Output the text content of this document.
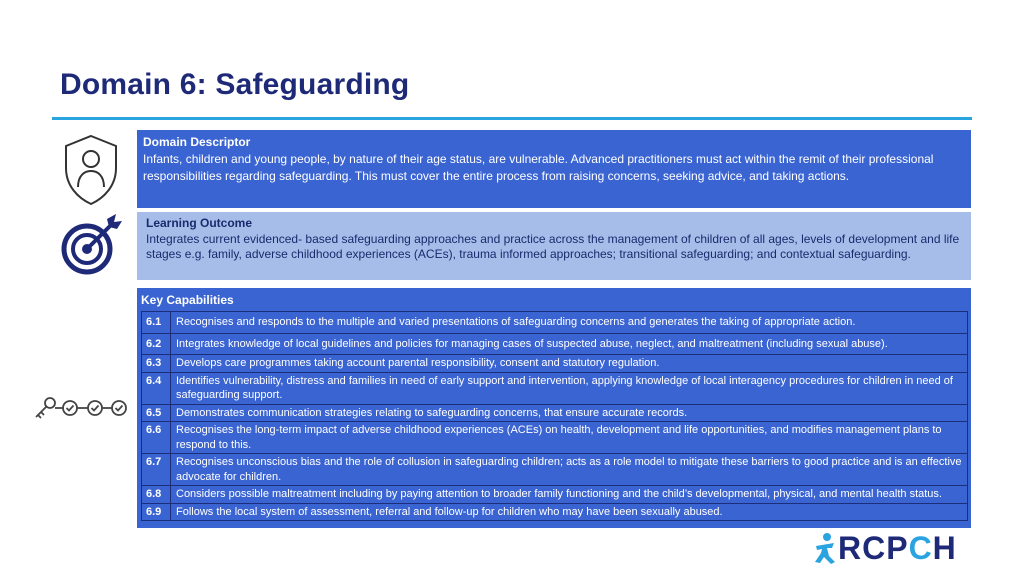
Domain 6: Safeguarding
Domain Descriptor
Infants, children and young people, by nature of their age status, are vulnerable. Advanced practitioners must act within the remit of their professional responsibilities regarding safeguarding. This must cover the entire process from raising concerns, seeking advice, and taking actions.
Learning Outcome
Integrates current evidenced- based safeguarding approaches and practice across the management of children of all ages, levels of development and life stages e.g. family, adverse childhood experiences (ACEs), trauma informed approaches; transitional safeguarding; and contextual safeguarding.
Key Capabilities
6.1	Recognises and responds to the multiple and varied presentations of safeguarding concerns and generates the taking of appropriate action.
6.2	Integrates knowledge of local guidelines and policies for managing cases of suspected abuse, neglect, and maltreatment (including sexual abuse).
6.3	Develops care programmes taking account parental responsibility, consent and statutory regulation.
6.4	Identifies vulnerability, distress and families in need of early support and intervention, applying knowledge of local interagency procedures for children in need of safeguarding support.
6.5	Demonstrates communication strategies relating to safeguarding concerns, that ensure accurate records.
6.6	Recognises the long-term impact of adverse childhood experiences (ACEs) on health, development and life opportunities, and modifies management plans to respond to this.
6.7	Recognises unconscious bias and the role of collusion in safeguarding children; acts as a role model to mitigate these barriers to good practice and is an effective advocate for children.
6.8	Considers possible maltreatment including by paying attention to broader family functioning and the child’s developmental, physical, and mental health status.
6.9	Follows the local system of assessment, referral and follow-up for children who may have been sexually abused.
RCPCH
